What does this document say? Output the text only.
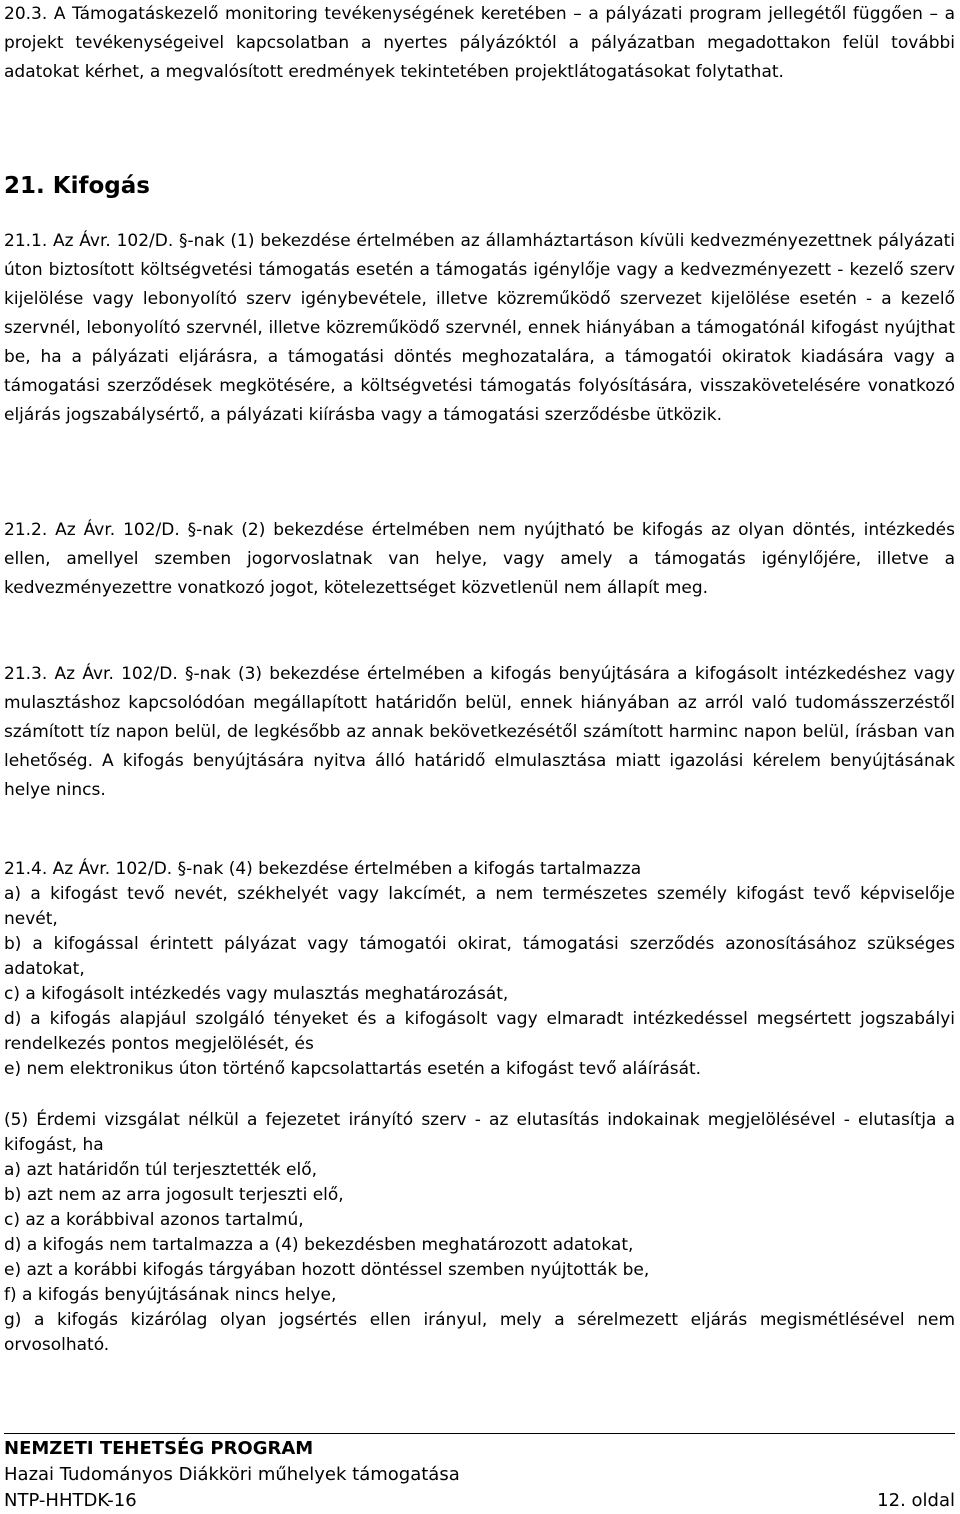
20.3. A Támogatáskezelő monitoring tevékenységének keretében – a pályázati program jellegétől függően – a projekt tevékenységeivel kapcsolatban a nyertes pályázóktól a pályázatban megadottakon felül további adatokat kérhet, a megvalósított eredmények tekintetében projektlátogatásokat folytathat.

21. Kifogás

21.1. Az Ávr. 102/D. §-nak (1) bekezdése értelmében az államháztartáson kívüli kedvezményezettnek pályázati úton biztosított költségvetési támogatás esetén a támogatás igénylője vagy a kedvezményezett - kezelő szerv kijelölése vagy lebonyolító szerv igénybevétele, illetve közreműködő szervezet kijelölése esetén - a kezelő szervnél, lebonyolító szervnél, illetve közreműködő szervnél, ennek hiányában a támogatónál kifogást nyújthat be, ha a pályázati eljárásra, a támogatási döntés meghozatalára, a támogatói okiratok kiadására vagy a támogatási szerződések megkötésére, a költségvetési támogatás folyósítására, visszakövetelésére vonatkozó eljárás jogszabálysértő, a pályázati kiírásba vagy a támogatási szerződésbe ütközik.

21.2. Az Ávr. 102/D. §-nak (2) bekezdése értelmében nem nyújtható be kifogás az olyan döntés, intézkedés ellen, amellyel szemben jogorvoslatnak van helye, vagy amely a támogatás igénylőjére, illetve a kedvezményezettre vonatkozó jogot, kötelezettséget közvetlenül nem állapít meg.

21.3. Az Ávr. 102/D. §-nak (3) bekezdése értelmében a kifogás benyújtására a kifogásolt intézkedéshez vagy mulasztáshoz kapcsolódóan megállapított határidőn belül, ennek hiányában az arról való tudomásszerzéstől számított tíz napon belül, de legkésőbb az annak bekövetkezésétől számított harminc napon belül, írásban van lehetőség. A kifogás benyújtására nyitva álló határidő elmulasztása miatt igazolási kérelem benyújtásának helye nincs.

21.4. Az Ávr. 102/D. §-nak (4) bekezdése értelmében a kifogás tartalmazza
a) a kifogást tevő nevét, székhelyét vagy lakcímét, a nem természetes személy kifogást tevő képviselője nevét,
b) a kifogással érintett pályázat vagy támogatói okirat, támogatási szerződés azonosításához szükséges adatokat,
c) a kifogásolt intézkedés vagy mulasztás meghatározását,
d) a kifogás alapjául szolgáló tényeket és a kifogásolt vagy elmaradt intézkedéssel megsértett jogszabályi rendelkezés pontos megjelölését, és
e) nem elektronikus úton történő kapcsolattartás esetén a kifogást tevő aláírását.
(5) Érdemi vizsgálat nélkül a fejezetet irányító szerv - az elutasítás indokainak megjelölésével - elutasítja a kifogást, ha
a) azt határidőn túl terjesztették elő,
b) azt nem az arra jogosult terjeszti elő,
c) az a korábbival azonos tartalmú,
d) a kifogás nem tartalmazza a (4) bekezdésben meghatározott adatokat,
e) azt a korábbi kifogás tárgyában hozott döntéssel szemben nyújtották be,
f) a kifogás benyújtásának nincs helye,
g) a kifogás kizárólag olyan jogsértés ellen irányul, mely a sérelmezett eljárás megismétlésével nem orvosolható.
NEMZETI TEHETSÉG PROGRAM
Hazai Tudományos Diákköri műhelyek támogatása
NTP-HHTDK-16	12. oldal
